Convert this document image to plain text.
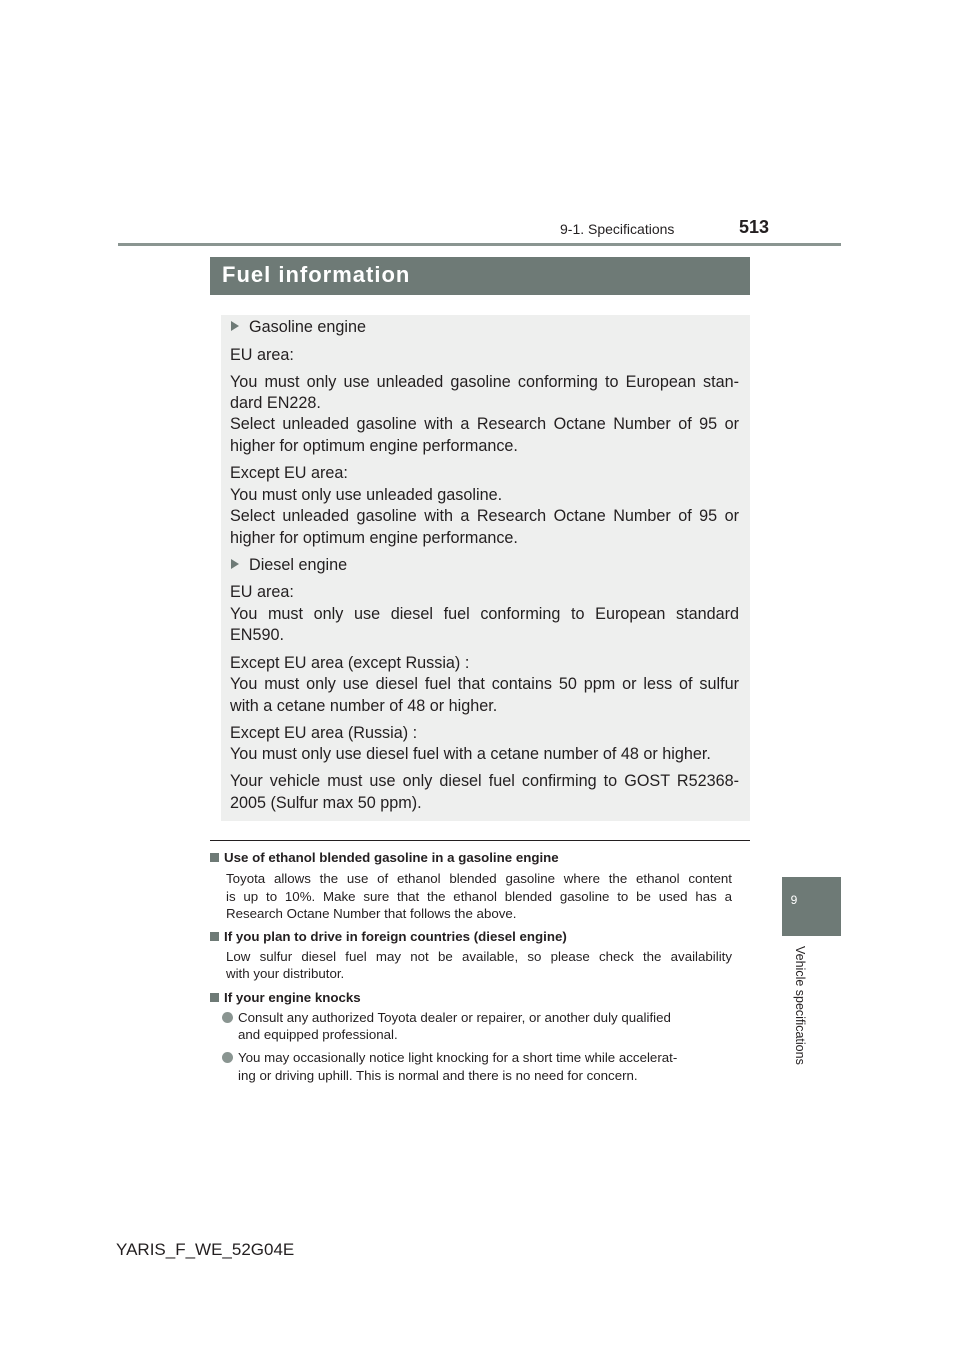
9-1. Specifications	513
9
Vehicle specifications
Fuel information
Gasoline engine
EU area:
You must only use unleaded gasoline conforming to European stan-
dard EN228.
Select unleaded gasoline with a Research Octane Number of 95 or
higher for optimum engine performance.
Except EU area:
You must only use unleaded gasoline.
Select unleaded gasoline with a Research Octane Number of 95 or
higher for optimum engine performance.
Diesel engine
EU area:
You must only use diesel fuel conforming to European standard
EN590.
Except EU area (except Russia) :
You must only use diesel fuel that contains 50 ppm or less of sulfur
with a cetane number of 48 or higher.
Except EU area (Russia) :
You must only use diesel fuel with a cetane number of 48 or higher.
Your vehicle must use only diesel fuel confirming to GOST R52368-
2005 (Sulfur max 50 ppm).
Use of ethanol blended gasoline in a gasoline engine
Toyota allows the use of ethanol blended gasoline where the ethanol content
is up to 10%. Make sure that the ethanol blended gasoline to be used has a
Research Octane Number that follows the above.
If you plan to drive in foreign countries (diesel engine)
Low sulfur diesel fuel may not be available, so please check the availability
with your distributor.
If your engine knocks
Consult any authorized Toyota dealer or repairer, or another duly qualified
and equipped professional.
You may occasionally notice light knocking for a short time while accelerat-
ing or driving uphill. This is normal and there is no need for concern.
YARIS_F_WE_52G04E
